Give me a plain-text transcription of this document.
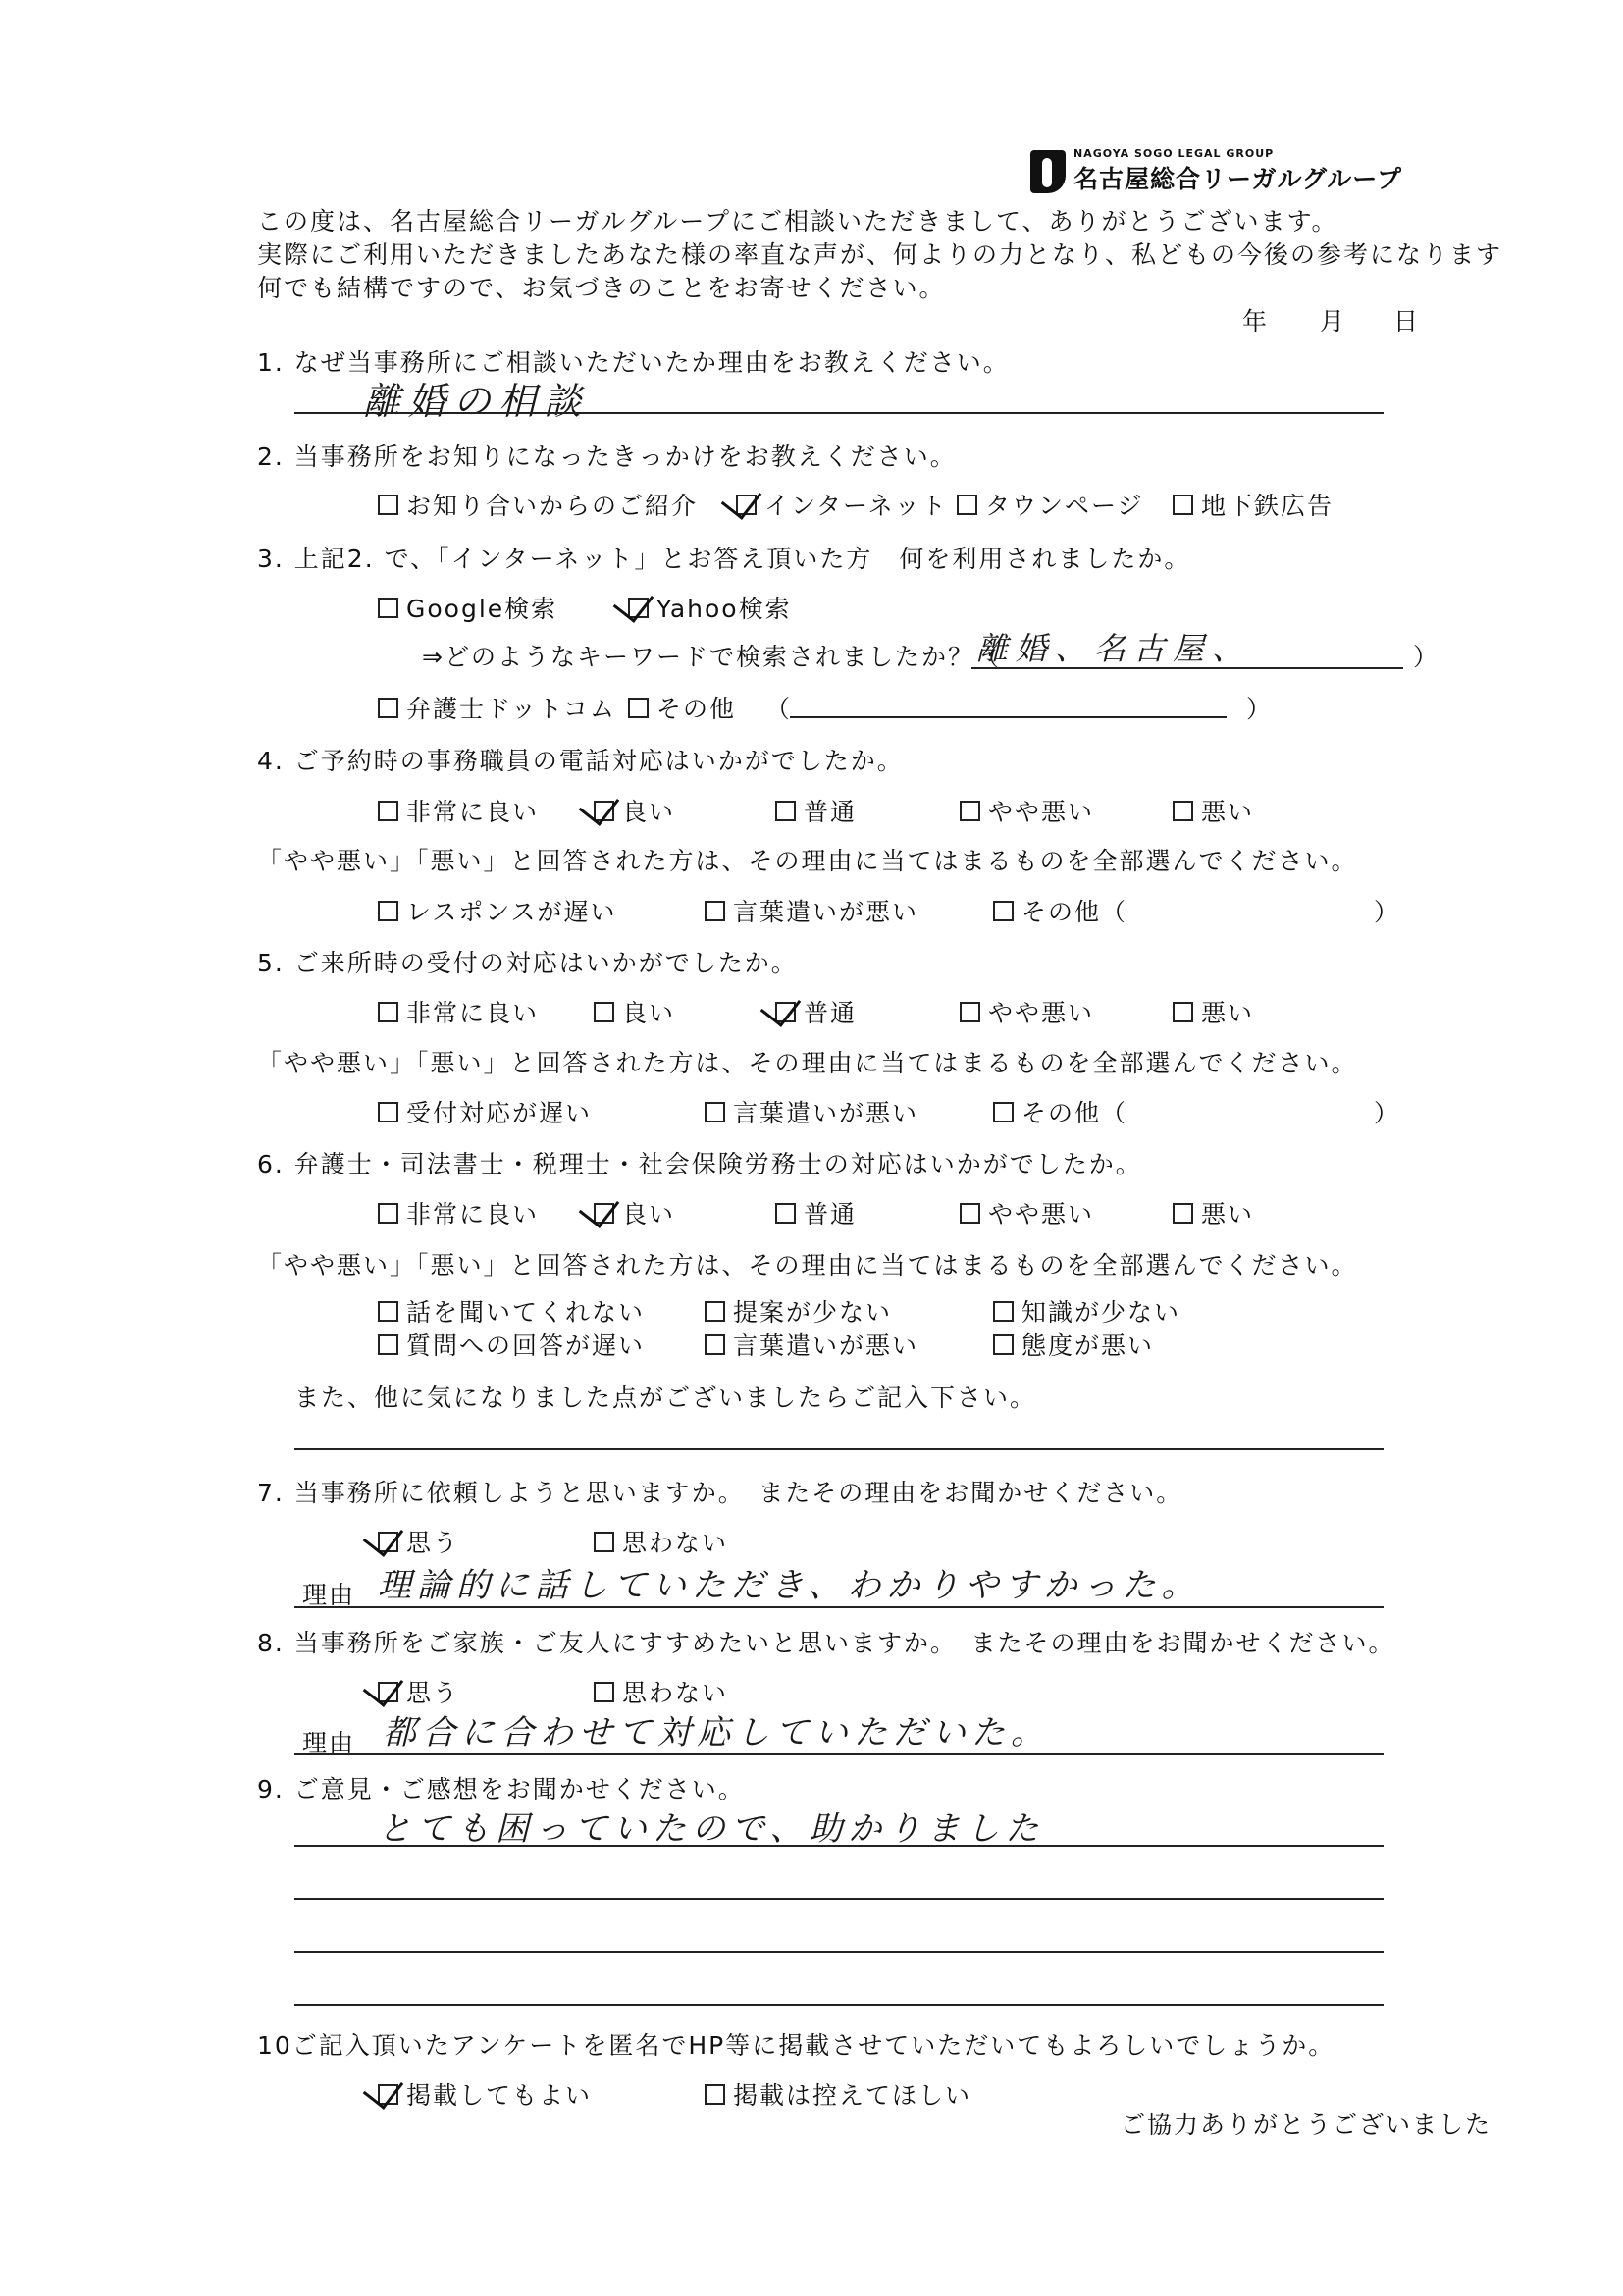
NAGOYA SOGO LEGAL GROUP
名古屋総合リーガルグループ
この度は、名古屋総合リーガルグループにご相談いただきまして、ありがとうございます。
実際にご利用いただきましたあなた様の率直な声が、何よりの力となり、私どもの今後の参考になります
何でも結構ですので、お気づきのことをお寄せください。
年 月 日
1. なぜ当事務所にご相談いただいたか理由をお教えください。
離婚の相談
2. 当事務所をお知りになったきっかけをお教えください。
お知り合いからのご紹介	インターネット タウンページ 地下鉄広告
3. 上記2. で、「インターネット」とお答え頂いた方　何を利用されましたか。
Google検索	Yahoo検索
⇒どのようなキーワードで検索されましたか？（
離婚、名古屋、	）
弁護士ドットコム その他 （	）
4. ご予約時の事務職員の電話対応はいかがでしたか。
非常に良い	良い	普通	やや悪い	悪い
「やや悪い」「悪い」と回答された方は、その理由に当てはまるものを全部選んでください。
レスポンスが遅い	言葉遣いが悪い	その他（	）
5. ご来所時の受付の対応はいかがでしたか。
非常に良い	良い	普通	やや悪い	悪い
「やや悪い」「悪い」と回答された方は、その理由に当てはまるものを全部選んでください。
受付対応が遅い	言葉遣いが悪い	その他（	）
6. 弁護士・司法書士・税理士・社会保険労務士の対応はいかがでしたか。
非常に良い	良い	普通	やや悪い	悪い
「やや悪い」「悪い」と回答された方は、その理由に当てはまるものを全部選んでください。
話を聞いてくれない	提案が少ない	知識が少ない
質問への回答が遅い	言葉遣いが悪い	態度が悪い
また、他に気になりました点がございましたらご記入下さい。
7. 当事務所に依頼しようと思いますか。　またその理由をお聞かせください。
思う	思わない
理由 理論的に話していただき、わかりやすかった。
8. 当事務所をご家族・ご友人にすすめたいと思いますか。　またその理由をお聞かせください。
思う	思わない
理由 都合に合わせて対応していただいた。
9. ご意見・ご感想をお聞かせください。
とても困っていたので、助かりました
10ご記入頂いたアンケートを匿名でHP等に掲載させていただいてもよろしいでしょうか。
掲載してもよい	掲載は控えてほしい
ご協力ありがとうございました
